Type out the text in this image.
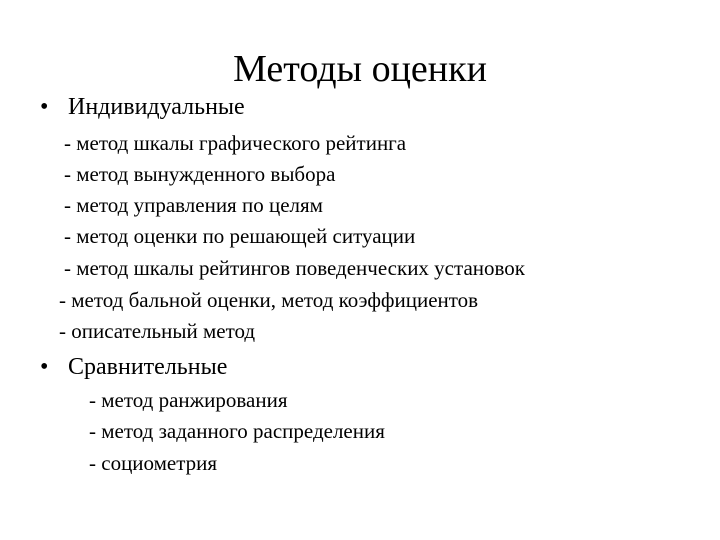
Методы оценки
• Индивидуальные
- метод шкалы графического рейтинга
- метод вынужденного выбора
- метод управления по целям
- метод оценки по решающей ситуации
- метод шкалы рейтингов поведенческих установок
- метод бальной оценки, метод коэффициентов
- описательный метод
• Сравнительные
- метод ранжирования
- метод заданного распределения
- социометрия
